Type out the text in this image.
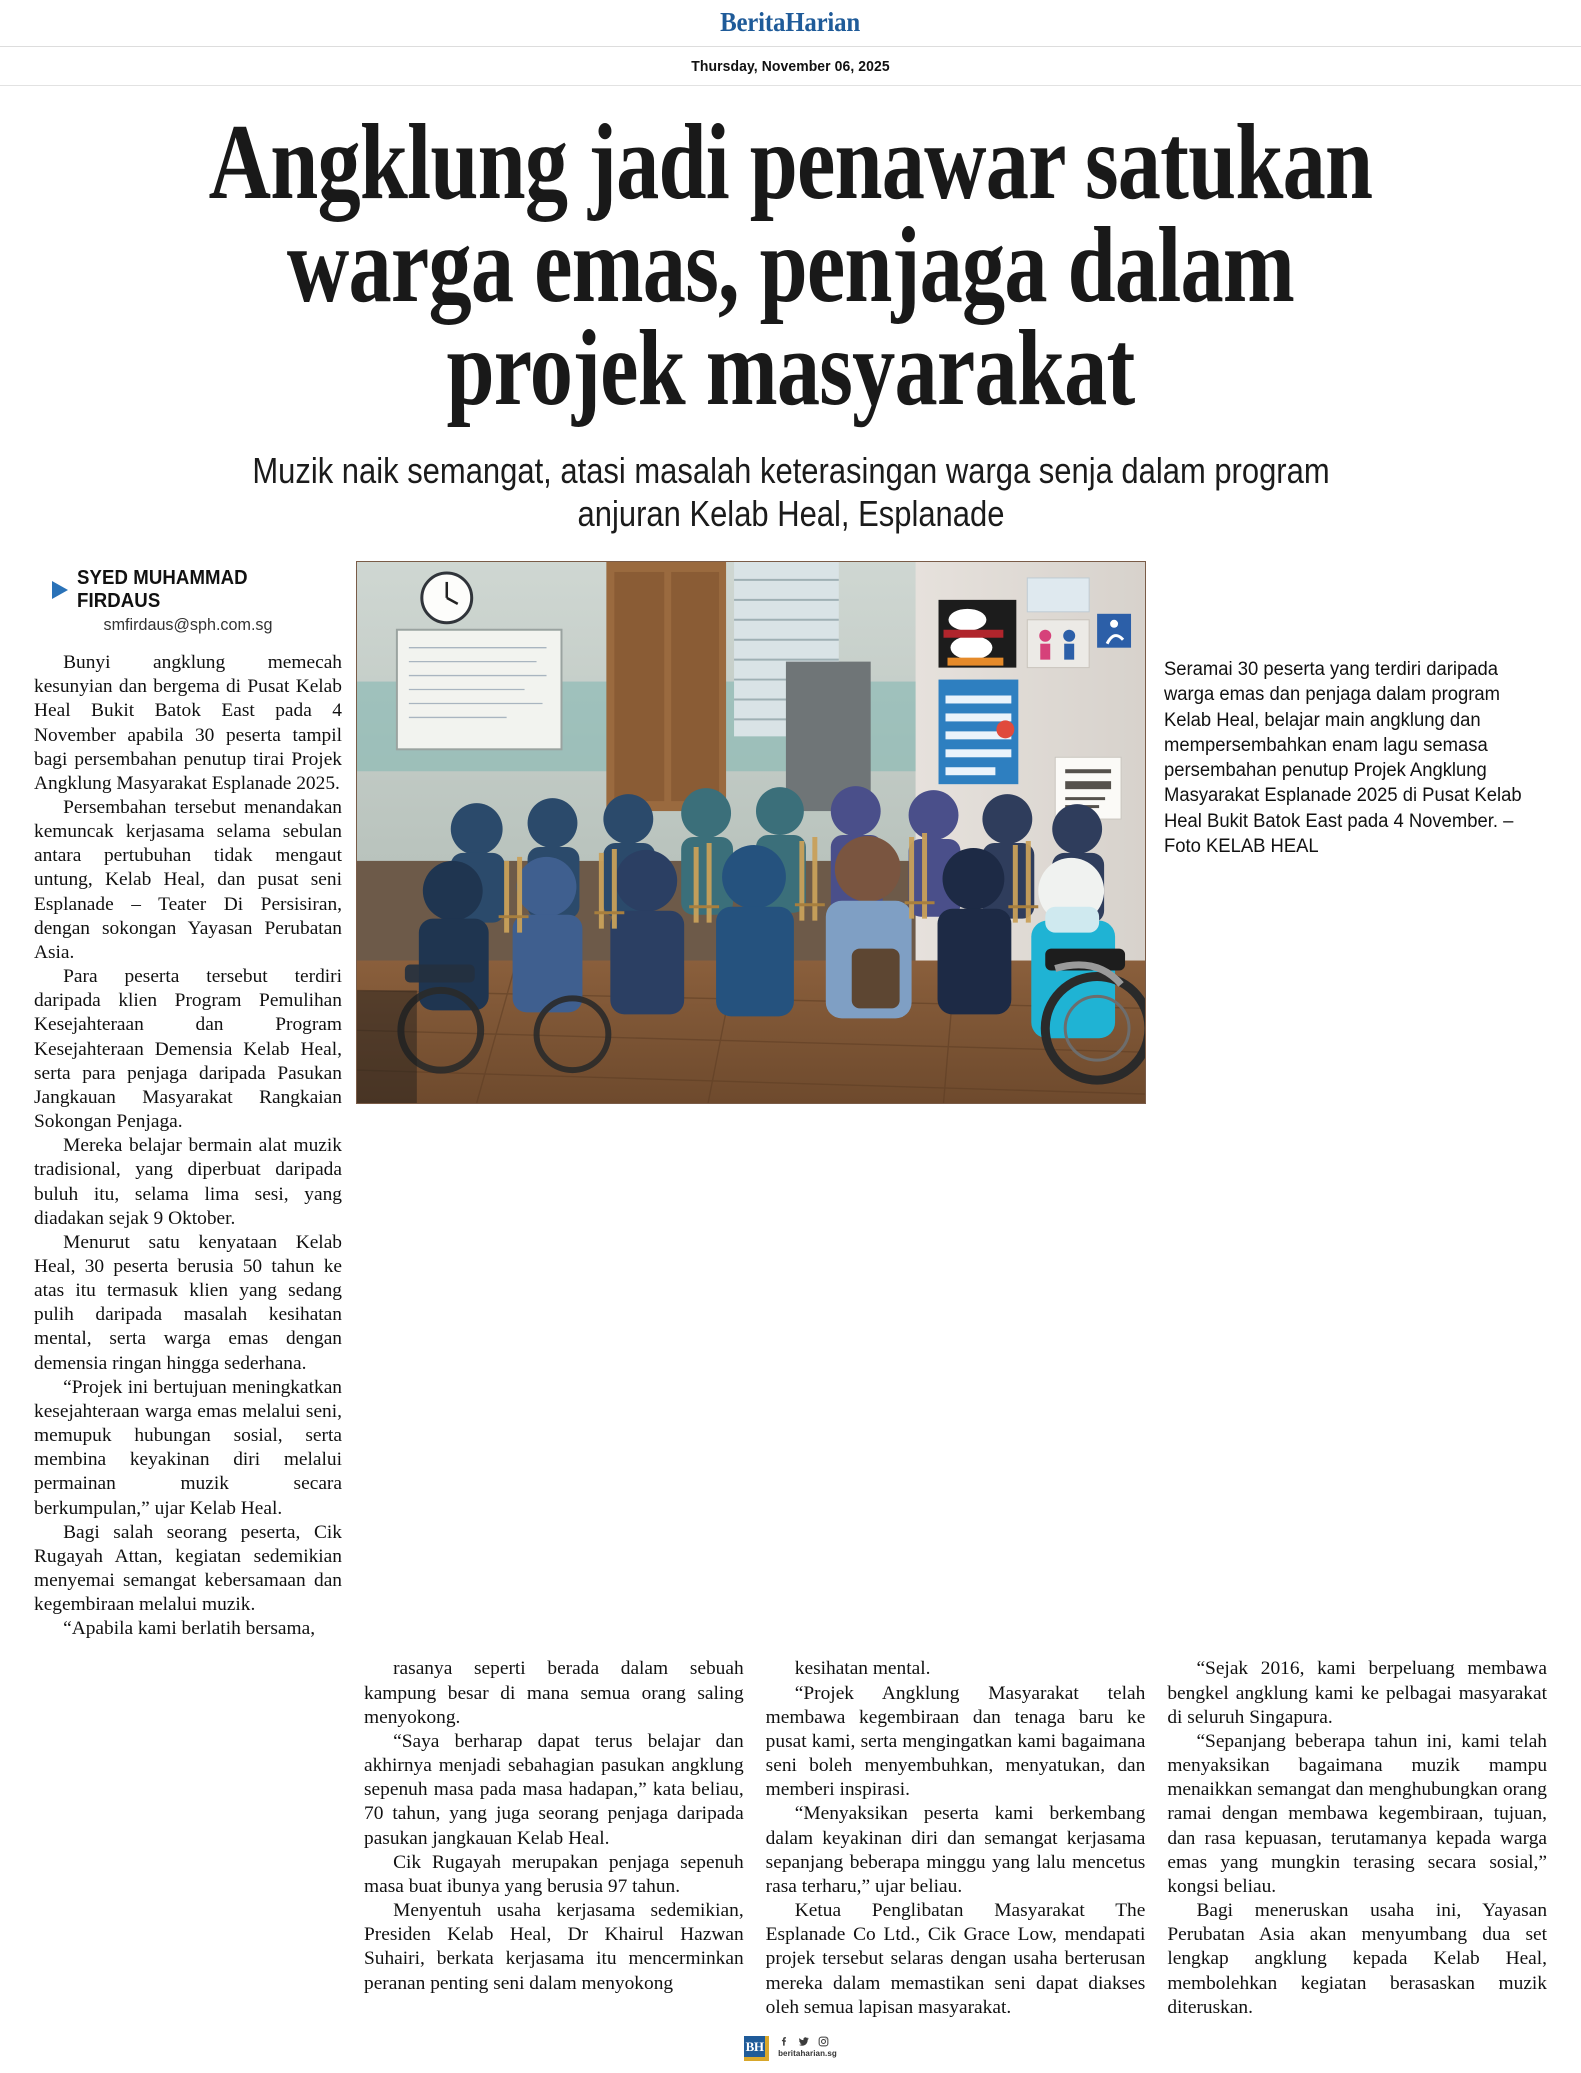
BeritaHarian
Thursday, November 06, 2025
Angklung jadi penawar satukan warga emas, penjaga dalam projek masyarakat
Muzik naik semangat, atasi masalah keterasingan warga senja dalam program anjuran Kelab Heal, Esplanade
SYED MUHAMMAD FIRDAUS
smfirdaus@sph.com.sg

Bunyi angklung memecah kesunyian dan bergema di Pusat Kelab Heal Bukit Batok East pada 4 November apabila 30 peserta tampil bagi persembahan penutup tirai Projek Angklung Masyarakat Esplanade 2025.

Persembahan tersebut menandakan kemuncak kerjasama selama sebulan antara pertubuhan tidak mengaut untung, Kelab Heal, dan pusat seni Esplanade – Teater Di Persisiran, dengan sokongan Yayasan Perubatan Asia.

Para peserta tersebut terdiri daripada klien Program Pemulihan Kesejahteraan dan Program Kesejahteraan Demensia Kelab Heal, serta para penjaga daripada Pasukan Jangkauan Masyarakat Rangkaian Sokongan Penjaga.

Mereka belajar bermain alat muzik tradisional, yang diperbuat daripada buluh itu, selama lima sesi, yang diadakan sejak 9 Oktober.

Menurut satu kenyataan Kelab Heal, 30 peserta berusia 50 tahun ke atas itu termasuk klien yang sedang pulih daripada masalah kesihatan mental, serta warga emas dengan demensia ringan hingga sederhana.

“Projek ini bertujuan meningkatkan kesejahteraan warga emas melalui seni, memupuk hubungan sosial, serta membina keyakinan diri melalui permainan muzik secara berkumpulan,” ujar Kelab Heal.

Bagi salah seorang peserta, Cik Rugayah Attan, kegiatan sedemikian menyemai semangat kebersamaan dan kegembiraan melalui muzik.

“Apabila kami berlatih bersama,

Seramai 30 peserta yang terdiri daripada warga emas dan penjaga dalam program Kelab Heal, belajar main angklung dan mempersembahkan enam lagu semasa persembahan penutup Projek Angklung Masyarakat Esplanade 2025 di Pusat Kelab Heal Bukit Batok East pada 4 November. – Foto KELAB HEAL

rasanya seperti berada dalam sebuah kampung besar di mana semua orang saling menyokong.

“Saya berharap dapat terus belajar dan akhirnya menjadi sebahagian pasukan angklung sepenuh masa pada masa hadapan,” kata beliau, 70 tahun, yang juga seorang penjaga daripada pasukan jangkauan Kelab Heal.

Cik Rugayah merupakan penjaga sepenuh masa buat ibunya yang berusia 97 tahun.

Menyentuh usaha kerjasama sedemikian, Presiden Kelab Heal, Dr Khairul Hazwan Suhairi, berkata kerjasama itu mencerminkan peranan penting seni dalam menyokong

kesihatan mental.

“Projek Angklung Masyarakat telah membawa kegembiraan dan tenaga baru ke pusat kami, serta mengingatkan kami bagaimana seni boleh menyembuhkan, menyatukan, dan memberi inspirasi.

“Menyaksikan peserta kami berkembang dalam keyakinan diri dan semangat kerjasama sepanjang beberapa minggu yang lalu mencetus rasa terharu,” ujar beliau.

Ketua Penglibatan Masyarakat The Esplanade Co Ltd., Cik Grace Low, mendapati projek tersebut selaras dengan usaha berterusan mereka dalam memastikan seni dapat diakses oleh semua lapisan masyarakat.

“Sejak 2016, kami berpeluang membawa bengkel angklung kami ke pelbagai masyarakat di seluruh Singapura.

“Sepanjang beberapa tahun ini, kami telah menyaksikan bagaimana muzik mampu menaikkan semangat dan menghubungkan orang ramai dengan membawa kegembiraan, tujuan, dan rasa kepuasan, terutamanya kepada warga emas yang mungkin terasing secara sosial,” kongsi beliau.

Bagi meneruskan usaha ini, Yayasan Perubatan Asia akan menyumbang dua set lengkap angklung kepada Kelab Heal, membolehkan kegiatan berasaskan muzik diteruskan.

BH beritaharian.sg
